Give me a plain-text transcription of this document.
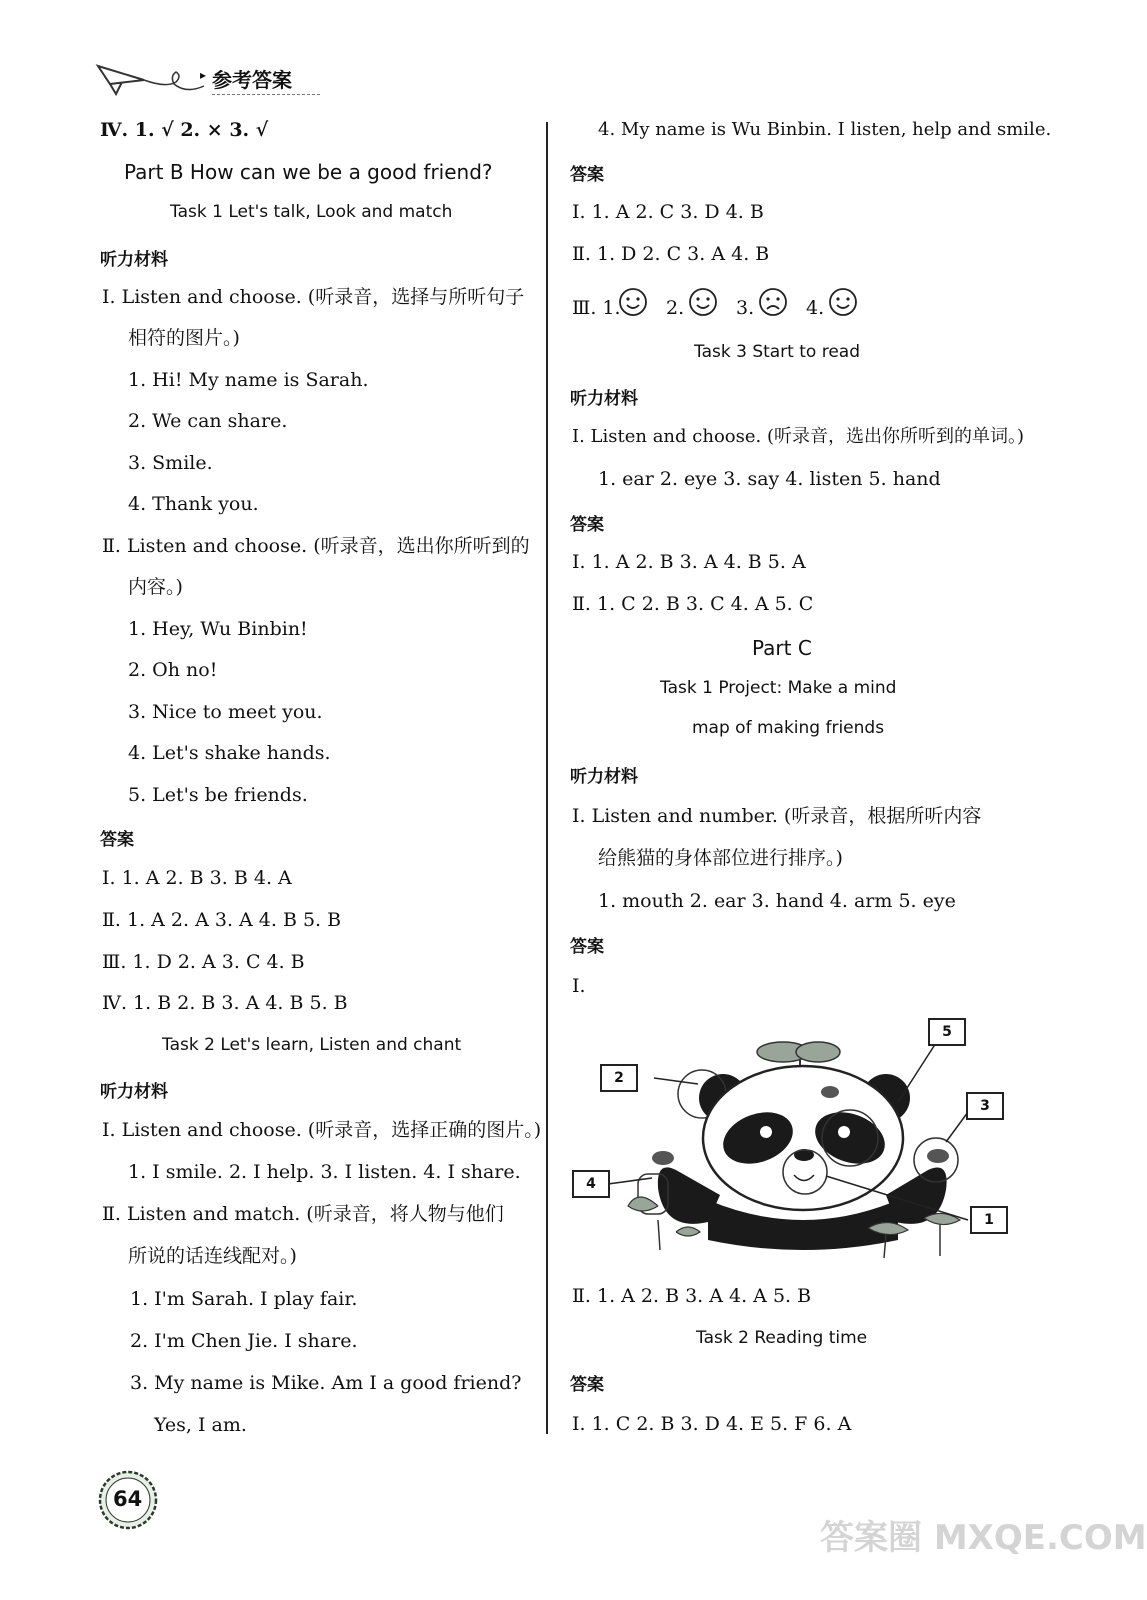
参考答案
▸
Ⅳ. 1. √ 2. × 3. √
Part B How can we be a good friend?
Task 1 Let's talk, Look and match
听力材料
Ⅰ. Listen and choose. (听录音，选择与所听句子
相符的图片。)
1. Hi! My name is Sarah.
2. We can share.
3. Smile.
4. Thank you.
Ⅱ. Listen and choose. (听录音，选出你所听到的
内容。)
1. Hey, Wu Binbin!
2. Oh no!
3. Nice to meet you.
4. Let's shake hands.
5. Let's be friends.
答案
Ⅰ. 1. A 2. B 3. B 4. A
Ⅱ. 1. A 2. A 3. A 4. B 5. B
Ⅲ. 1. D 2. A 3. C 4. B
Ⅳ. 1. B 2. B 3. A 4. B 5. B
Task 2 Let's learn, Listen and chant
听力材料
Ⅰ. Listen and choose. (听录音，选择正确的图片。)
1. I smile. 2. I help. 3. I listen. 4. I share.
Ⅱ. Listen and match. (听录音，将人物与他们
所说的话连线配对。)
1. I'm Sarah. I play fair.
2. I'm Chen Jie. I share.
3. My name is Mike. Am I a good friend?
Yes, I am.
4. My name is Wu Binbin. I listen, help and smile.
答案
Ⅰ. 1. A 2. C 3. D 4. B
Ⅱ. 1. D 2. C 3. A 4. B
Ⅲ. 1. 2.	3.	4.
Task 3 Start to read
听力材料
Ⅰ. Listen and choose. (听录音，选出你所听到的单词。)
1. ear 2. eye 3. say 4. listen 5. hand
答案
Ⅰ. 1. A 2. B 3. A 4. B 5. A
Ⅱ. 1. C 2. B 3. C 4. A 5. C
Part C
Task 1 Project: Make a mind
map of making friends
听力材料
Ⅰ. Listen and number. (听录音，根据所听内容
给熊猫的身体部位进行排序。)
1. mouth 2. ear 3. hand 4. arm 5. eye
答案
Ⅰ.
2
5
3
4
1
Ⅱ. 1. A 2. B 3. A 4. A 5. B
Task 2 Reading time
答案
Ⅰ. 1. C 2. B 3. D 4. E 5. F 6. A
64
答案圈 MXQE.COM
